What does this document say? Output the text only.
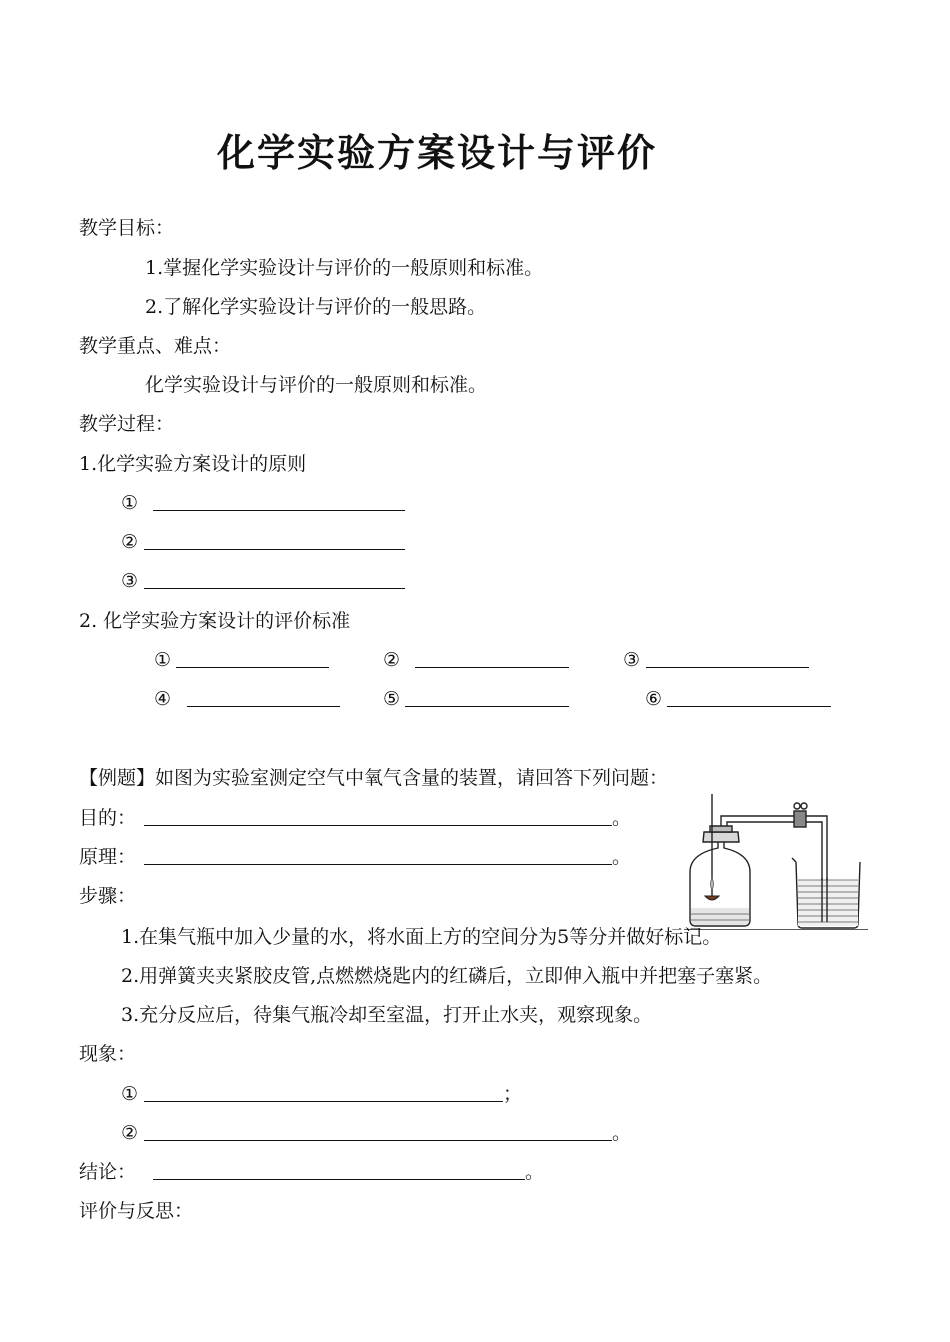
化学实验方案设计与评价
教学目标：
1.掌握化学实验设计与评价的一般原则和标准。
2.了解化学实验设计与评价的一般思路。
教学重点、难点：
化学实验设计与评价的一般原则和标准。
教学过程：
1.化学实验方案设计的原则
①
②
③
2. 化学实验方案设计的评价标准
①	②	③
④	⑤	⑥
【例题】如图为实验室测定空气中氧气含量的装置，请回答下列问题：
目的：	。
原理：	。
步骤：
1.在集气瓶中加入少量的水，将水面上方的空间分为5等分并做好标记。
2.用弹簧夹夹紧胶皮管,点燃燃烧匙内的红磷后，立即伸入瓶中并把塞子塞紧。
3.充分反应后，待集气瓶冷却至室温，打开止水夹，观察现象。
现象：
①	；
②	。
结论：	。
评价与反思：
